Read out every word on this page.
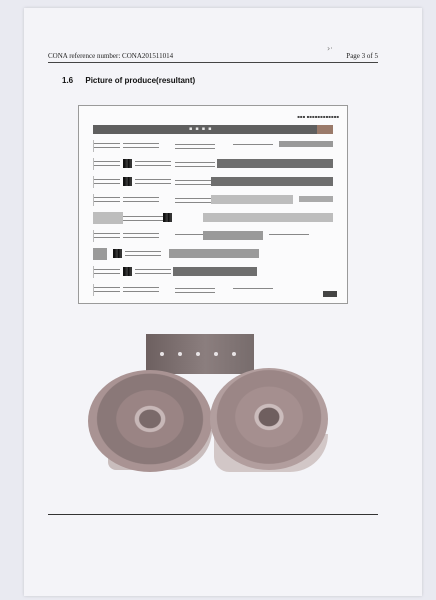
CONA reference number: CONA201511014	Page 3 of 5
›·
1.6 Picture of produce(resultant)
▪▪▪ ▪▪▪▪▪▪▪▪▪▪▪▪
▪▪▪▪
